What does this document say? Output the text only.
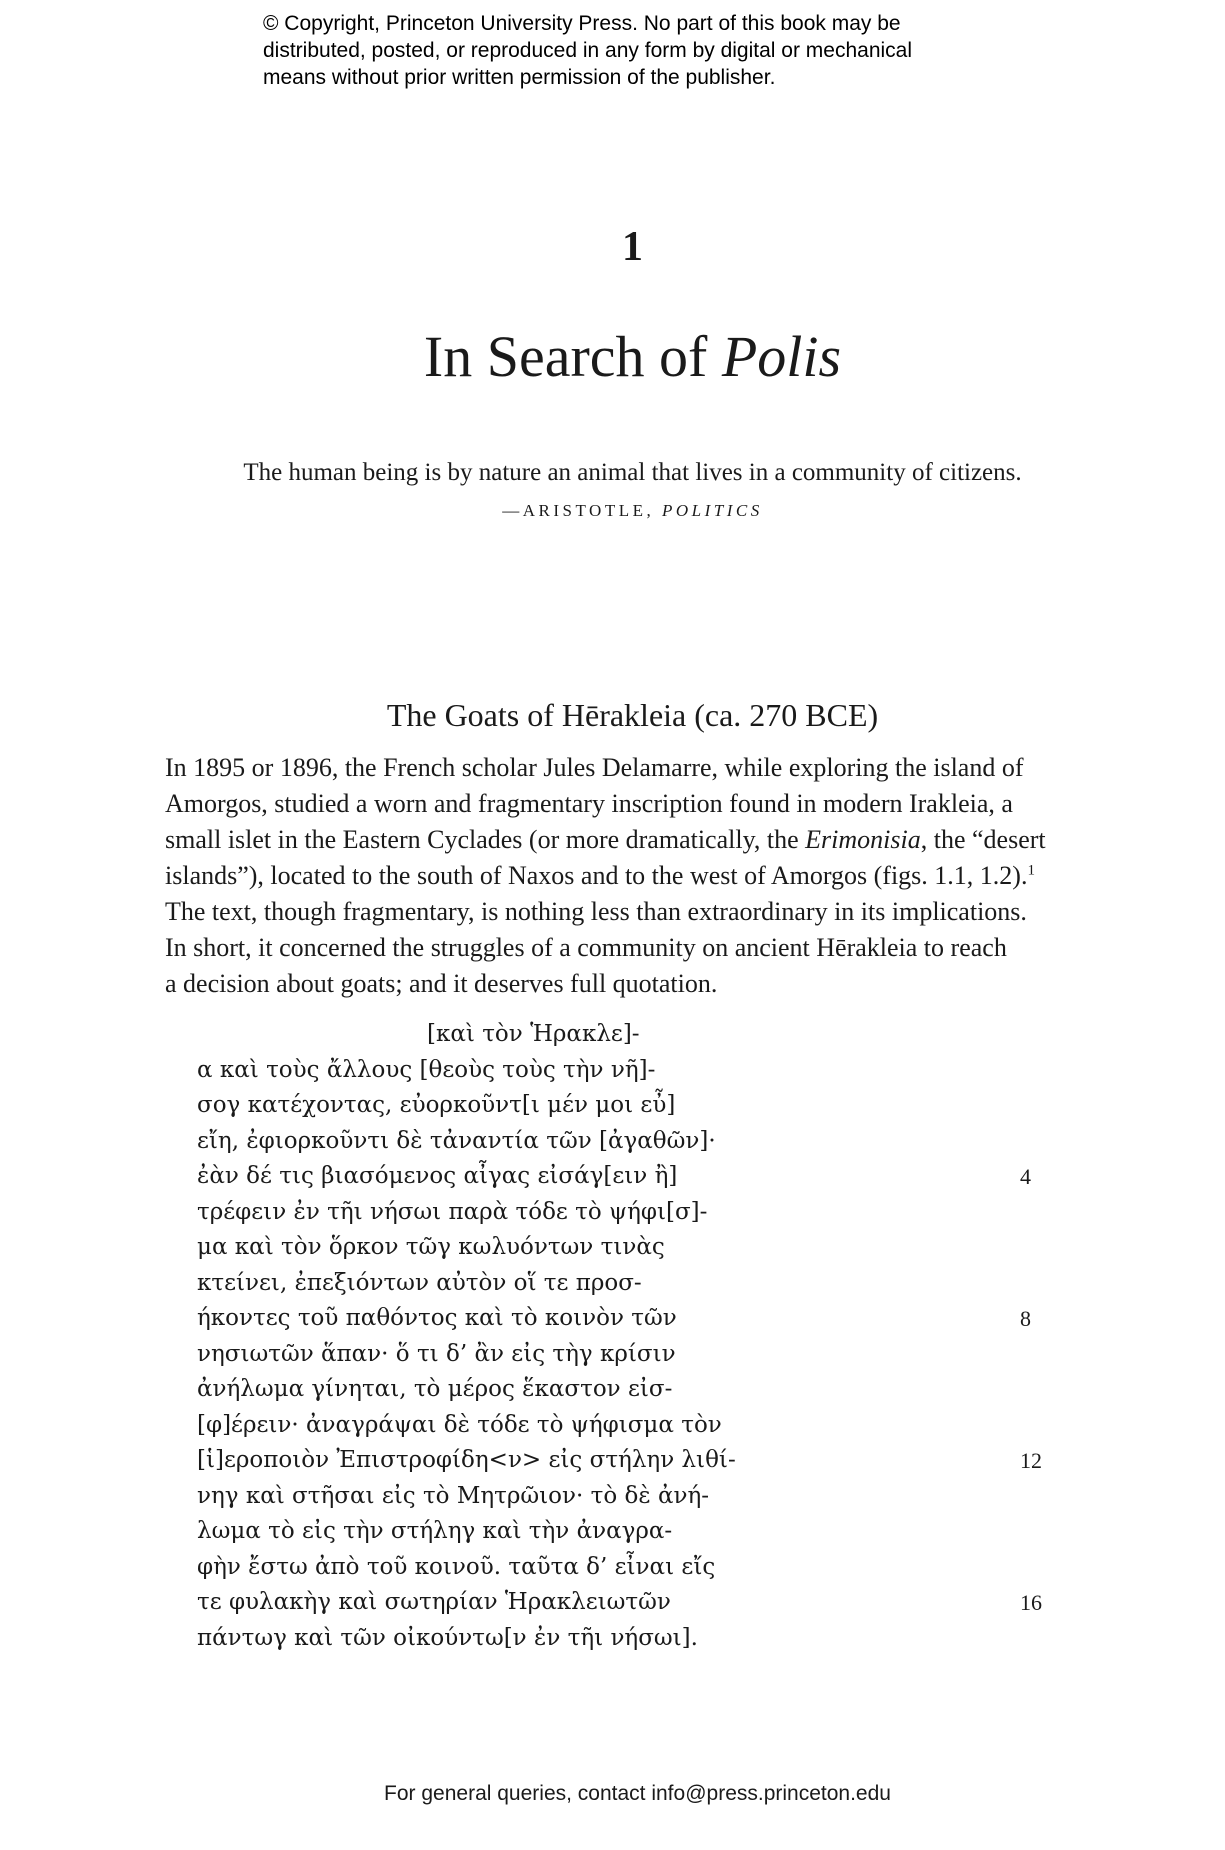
© Copyright, Princeton University Press. No part of this book may be
distributed, posted, or reproduced in any form by digital or mechanical
means without prior written permission of the publisher.
1
In Search of Polis
The human being is by nature an animal that lives in a community of citizens.
—ARISTOTLE, POLITICS
The Goats of Hērakleia (ca. 270 BCE)
In 1895 or 1896, the French scholar Jules Delamarre, while exploring the island of
Amorgos, studied a worn and fragmentary inscription found in modern Irakleia, a
small islet in the Eastern Cyclades (or more dramatically, the Erimonisia, the “desert
islands”), located to the south of Naxos and to the west of Amorgos (figs. 1.1, 1.2).$^1$
The text, though fragmentary, is nothing less than extraordinary in its implications.
In short, it concerned the struggles of a community on ancient Hērakleia to reach
a decision about goats; and it deserves full quotation.
[καὶ τὸν Ἡρακλε]-
α καὶ τοὺς ἄλλους [θεοὺς τοὺς τὴν νῆ]-
σογ κατέχοντας, εὐορκοῦντ[ι μέν μοι εὖ]
εἴη, ἐφιορκοῦντι δὲ τἀναντία τῶν [ἀγαθῶν]·
ἐὰν δέ τις βιασόμενος αἶγας εἰσάγ[ειν ἢ]	4
τρέφειν ἐν τῆι νήσωι παρὰ τόδε τὸ ψήφι[σ]-
μα καὶ τὸν ὅρκον τῶγ κωλυόντων τινὰς
κτείνει, ἐπεξιόντων αὐτὸν οἵ τε προσ-
ήκοντες τοῦ παθόντος καὶ τὸ κοινὸν τῶν	8
νησιωτῶν ἅπαν· ὅ τι δ’ ἂν εἰς τὴγ κρίσιν
ἀνήλωμα γίνηται, τὸ μέρος ἕκαστον εἰσ-
[φ]έρειν· ἀναγράψαι δὲ τόδε τὸ ψήφισμα τὸν
[ἱ]εροποιὸν Ἐπιστροφίδη<ν> εἰς στήλην λιθί-	12
νηγ καὶ στῆσαι εἰς τὸ Μητρῶιον· τὸ δὲ ἀνή-
λωμα τὸ εἰς τὴν στήληγ καὶ τὴν ἀναγρα-
φὴν ἔστω ἀπὸ τοῦ κοινοῦ. ταῦτα δ’ εἶναι εἴς
τε φυλακὴγ καὶ σωτηρίαν Ἡρακλειωτῶν	16
πάντωγ καὶ τῶν οἰκούντω[ν ἐν τῆι νήσωι].
For general queries, contact info@press.princeton.edu
